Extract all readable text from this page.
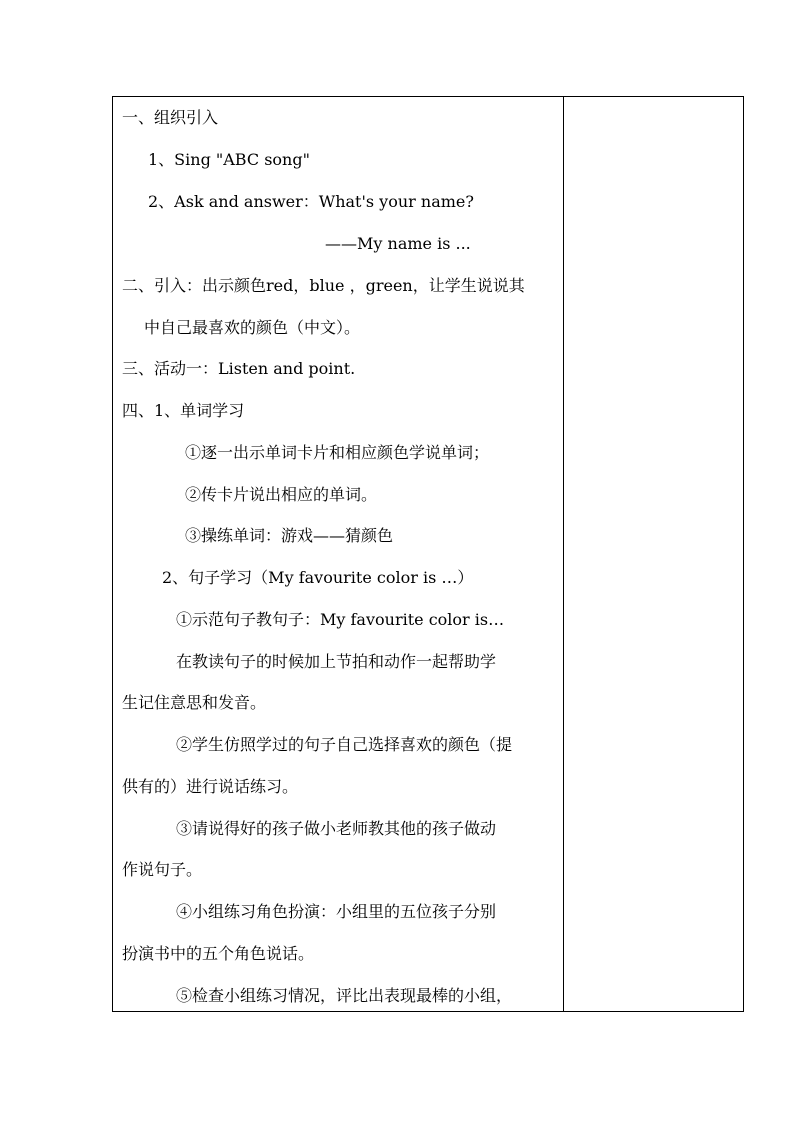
一、组织引入
1、Sing "ABC song"
2、Ask and answer：What's your name?
——My name is ...
二、引入：出示颜色red，blue ，green，让学生说说其
中自己最喜欢的颜色（中文）。
三、活动一：Listen and point.
四、1、单词学习
①逐一出示单词卡片和相应颜色学说单词；
②传卡片说出相应的单词。
③操练单词：游戏——猜颜色
2、句子学习（My favourite color is …）
①示范句子教句子：My favourite color is…
在教读句子的时候加上节拍和动作一起帮助学
生记住意思和发音。
②学生仿照学过的句子自己选择喜欢的颜色（提
供有的）进行说话练习。
③请说得好的孩子做小老师教其他的孩子做动
作说句子。
④小组练习角色扮演：小组里的五位孩子分别
扮演书中的五个角色说话。
⑤检查小组练习情况，评比出表现最棒的小组，
